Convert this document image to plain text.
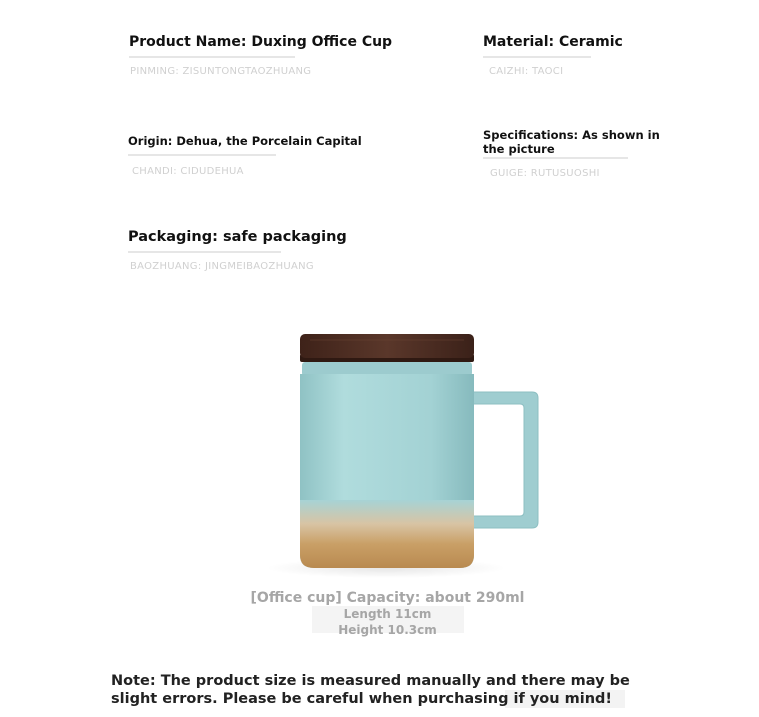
Product Name: Duxing Office Cup
PINMING: ZISUNTONGTAOZHUANG
Material: Ceramic
CAIZHI: TAOCI
Origin: Dehua, the Porcelain Capital
CHANDI: CIDUDEHUA
Specifications: As shown in the picture
GUIGE: RUTUSUOSHI
Packaging: safe packaging
BAOZHUANG: JINGMEIBAOZHUANG
[Office cup] Capacity: about 290ml
Length 11cm
Height 10.3cm
Note: The product size is measured manually and there may be slight errors. Please be careful when purchasing if you mind!
